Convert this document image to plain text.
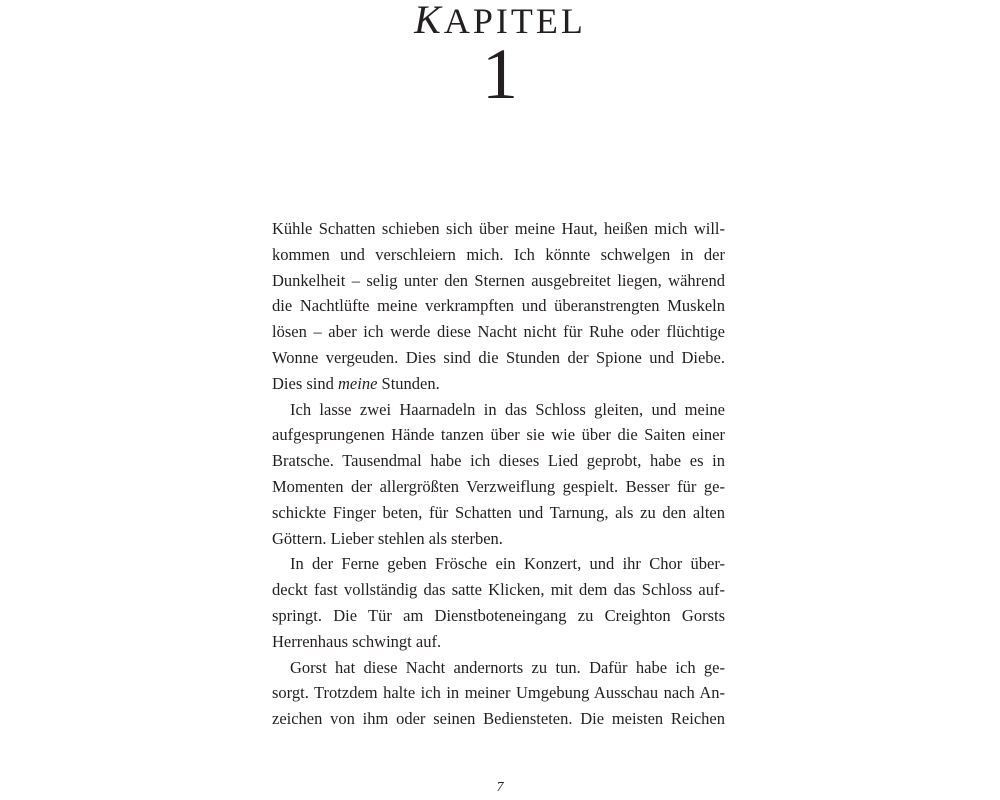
KAPITEL
1

Kühle Schatten schieben sich über meine Haut, heißen mich will-
kommen und verschleiern mich. Ich könnte schwelgen in der
Dunkelheit – selig unter den Sternen ausgebreitet liegen, während
die Nachtlüfte meine verkrampften und überanstrengten Muskeln
lösen – aber ich werde diese Nacht nicht für Ruhe oder flüchtige
Wonne vergeuden. Dies sind die Stunden der Spione und Diebe.
Dies sind meine Stunden.

Ich lasse zwei Haarnadeln in das Schloss gleiten, und meine
aufgesprungenen Hände tanzen über sie wie über die Saiten einer
Bratsche. Tausendmal habe ich dieses Lied geprobt, habe es in
Momenten der allergrößten Verzweiflung gespielt. Besser für ge-
schickte Finger beten, für Schatten und Tarnung, als zu den alten
Göttern. Lieber stehlen als sterben.

In der Ferne geben Frösche ein Konzert, und ihr Chor über-
deckt fast vollständig das satte Klicken, mit dem das Schloss auf-
springt. Die Tür am Dienstboteneingang zu Creighton Gorsts
Herrenhaus schwingt auf.

Gorst hat diese Nacht andernorts zu tun. Dafür habe ich ge-
sorgt. Trotzdem halte ich in meiner Umgebung Ausschau nach An-
zeichen von ihm oder seinen Bediensteten. Die meisten Reichen

7
